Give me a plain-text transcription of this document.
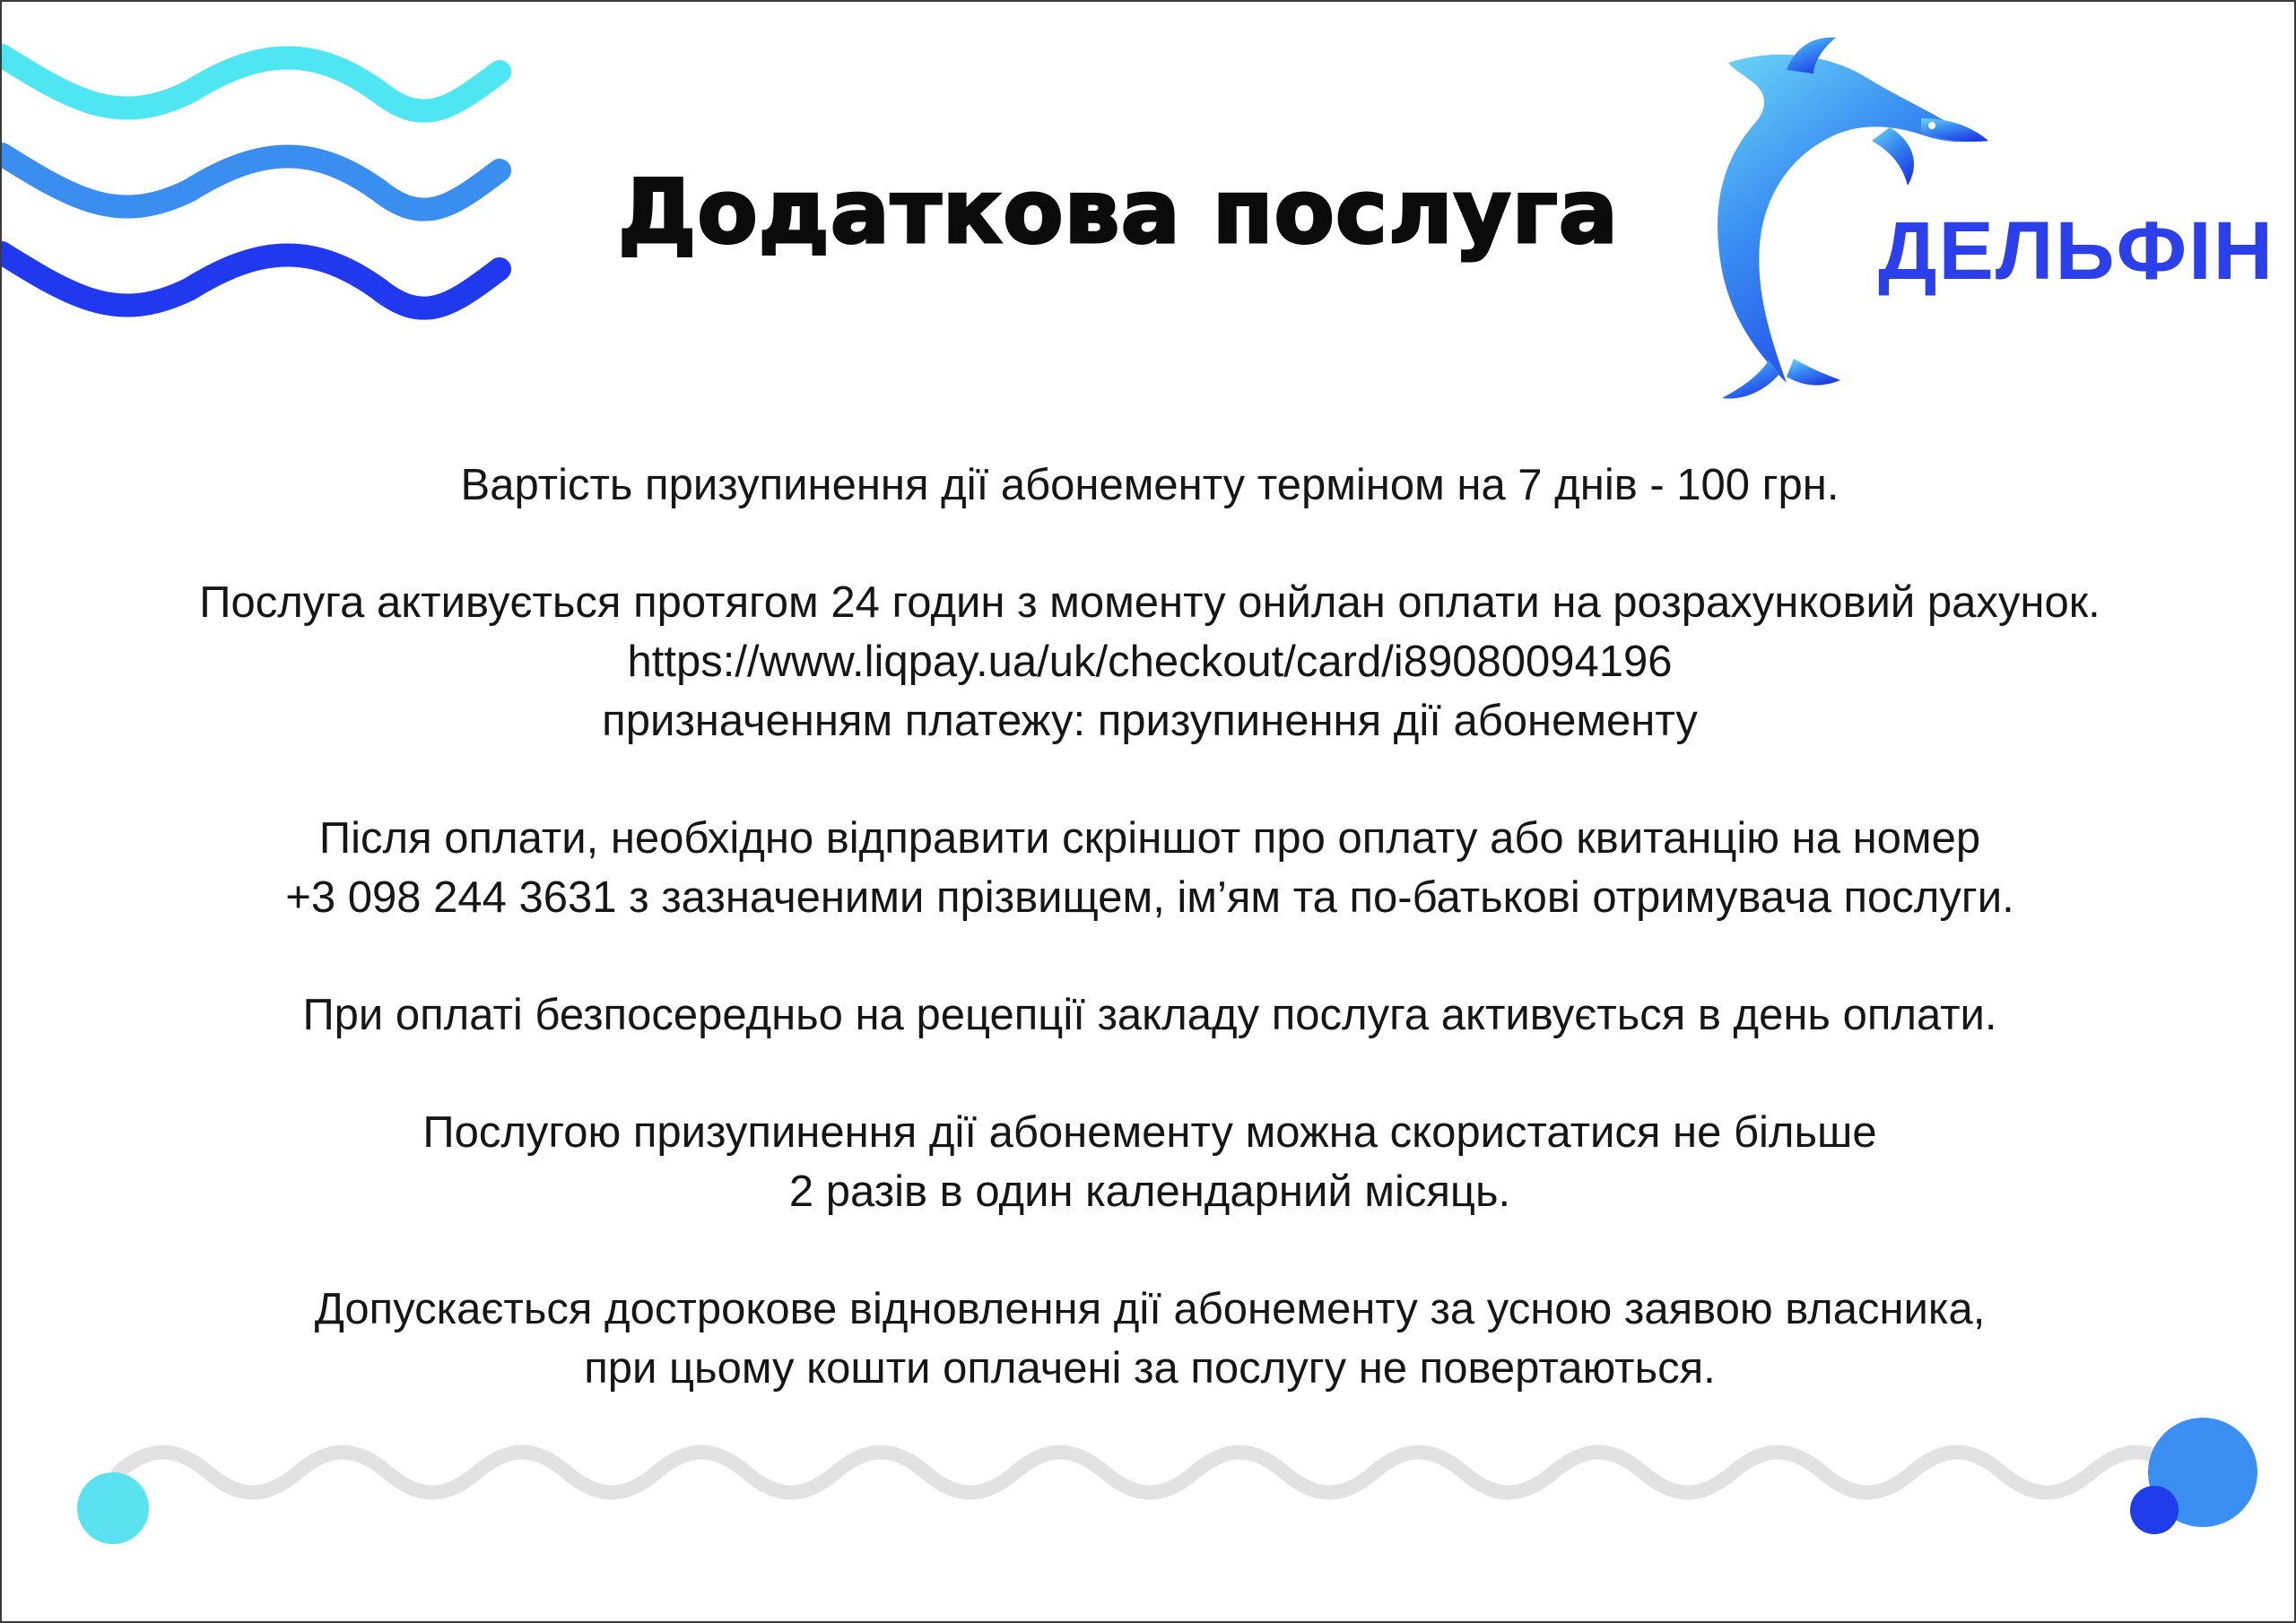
Додаткова послуга	ДЕЛЬФІН

Вартість призупинення дії абонементу терміном на 7 днів - 100 грн.

Послуга активується протягом 24 годин з моменту онйлан оплати на розрахунковий рахунок.
https://www.liqpay.ua/uk/checkout/card/i89080094196
призначенням платежу: призупинення дії абонементу

Після оплати, необхідно відправити скріншот про оплату або квитанцію на номер
+3 098 244 3631 з зазначеними прізвищем, ім’ям та по-батькові отримувача послуги.

При оплаті безпосередньо на рецепції закладу послуга активується в день оплати.

Послугою призупинення дії абонементу можна скористатися не більше
2 разів в один календарний місяць.

Допускається дострокове відновлення дії абонементу за усною заявою власника,
при цьому кошти оплачені за послугу не повертаються.
